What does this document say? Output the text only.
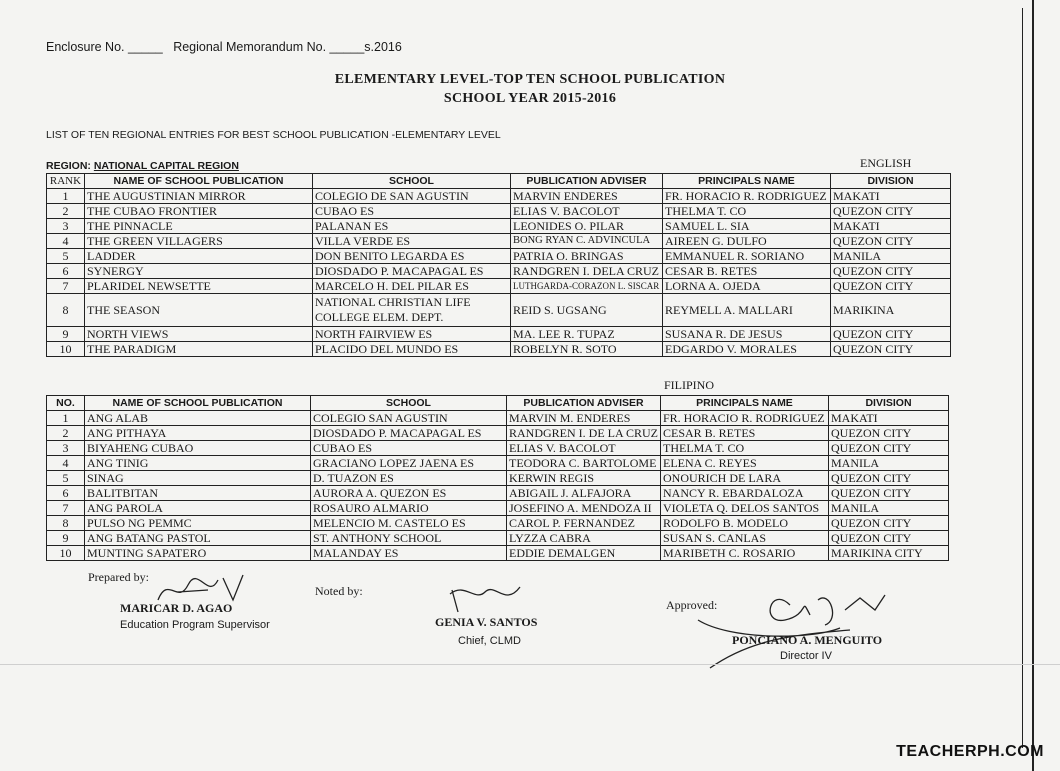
Enclosure No. _____ Regional Memorandum No. _____s.2016
ELEMENTARY LEVEL-TOP TEN SCHOOL PUBLICATION
SCHOOL YEAR 2015-2016
LIST OF TEN REGIONAL ENTRIES FOR BEST SCHOOL PUBLICATION -ELEMENTARY LEVEL
REGION: NATIONAL CAPITAL REGION	ENGLISH
RANK	NAME OF SCHOOL PUBLICATION	SCHOOL	PUBLICATION ADVISER	PRINCIPALS NAME	DIVISION
1	THE AUGUSTINIAN MIRROR	COLEGIO DE SAN AGUSTIN	MARVIN ENDERES	FR. HORACIO R. RODRIGUEZ	MAKATI
2	THE CUBAO FRONTIER	CUBAO ES	ELIAS V. BACOLOT	THELMA T. CO	QUEZON CITY
3	THE PINNACLE	PALANAN ES	LEONIDES O. PILAR	SAMUEL L. SIA	MAKATI
4	THE GREEN VILLAGERS	VILLA VERDE ES	BONG RYAN C. ADVINCULA	AIREEN G. DULFO	QUEZON CITY
5	LADDER	DON BENITO LEGARDA ES	PATRIA O. BRINGAS	EMMANUEL R. SORIANO	MANILA
6	SYNERGY	DIOSDADO P. MACAPAGAL ES	RANDGREN I. DELA CRUZ	CESAR B. RETES	QUEZON CITY
7	PLARIDEL NEWSETTE	MARCELO H. DEL PILAR ES	LUTHGARDA-CORAZON L. SISCAR	LORNA A. OJEDA	QUEZON CITY
8	THE SEASON	NATIONAL CHRISTIAN LIFE COLLEGE ELEM. DEPT.	REID S. UGSANG	REYMELL A. MALLARI	MARIKINA
9	NORTH VIEWS	NORTH FAIRVIEW ES	MA. LEE R. TUPAZ	SUSANA R. DE JESUS	QUEZON CITY
10	THE PARADIGM	PLACIDO DEL MUNDO ES	ROBELYN R. SOTO	EDGARDO V. MORALES	QUEZON CITY
FILIPINO
NO.	NAME OF SCHOOL PUBLICATION	SCHOOL	PUBLICATION ADVISER	PRINCIPALS NAME	DIVISION
1	ANG ALAB	COLEGIO SAN AGUSTIN	MARVIN M. ENDERES	FR. HORACIO R. RODRIGUEZ	MAKATI
2	ANG PITHAYA	DIOSDADO P. MACAPAGAL ES	RANDGREN I. DE LA CRUZ	CESAR B. RETES	QUEZON CITY
3	BIYAHENG CUBAO	CUBAO ES	ELIAS V. BACOLOT	THELMA T. CO	QUEZON CITY
4	ANG TINIG	GRACIANO LOPEZ JAENA ES	TEODORA C. BARTOLOME	ELENA C. REYES	MANILA
5	SINAG	D. TUAZON ES	KERWIN REGIS	ONOURICH DE LARA	QUEZON CITY
6	BALITBITAN	AURORA A. QUEZON ES	ABIGAIL J. ALFAJORA	NANCY R. EBARDALOZA	QUEZON CITY
7	ANG PAROLA	ROSAURO ALMARIO	JOSEFINO A. MENDOZA II	VIOLETA Q. DELOS SANTOS	MANILA
8	PULSO NG PEMMC	MELENCIO M. CASTELO ES	CAROL P. FERNANDEZ	RODOLFO B. MODELO	QUEZON CITY
9	ANG BATANG PASTOL	ST. ANTHONY SCHOOL	LYZZA CABRA	SUSAN S. CANLAS	QUEZON CITY
10	MUNTING SAPATERO	MALANDAY ES	EDDIE DEMALGEN	MARIBETH C. ROSARIO	MARIKINA CITY
Prepared by:
MARICAR D. AGAO
Education Program Supervisor
Noted by:
GENIA V. SANTOS
Chief, CLMD
Approved:
PONCIANO A. MENGUITO
Director IV
TEACHERPH.COM
